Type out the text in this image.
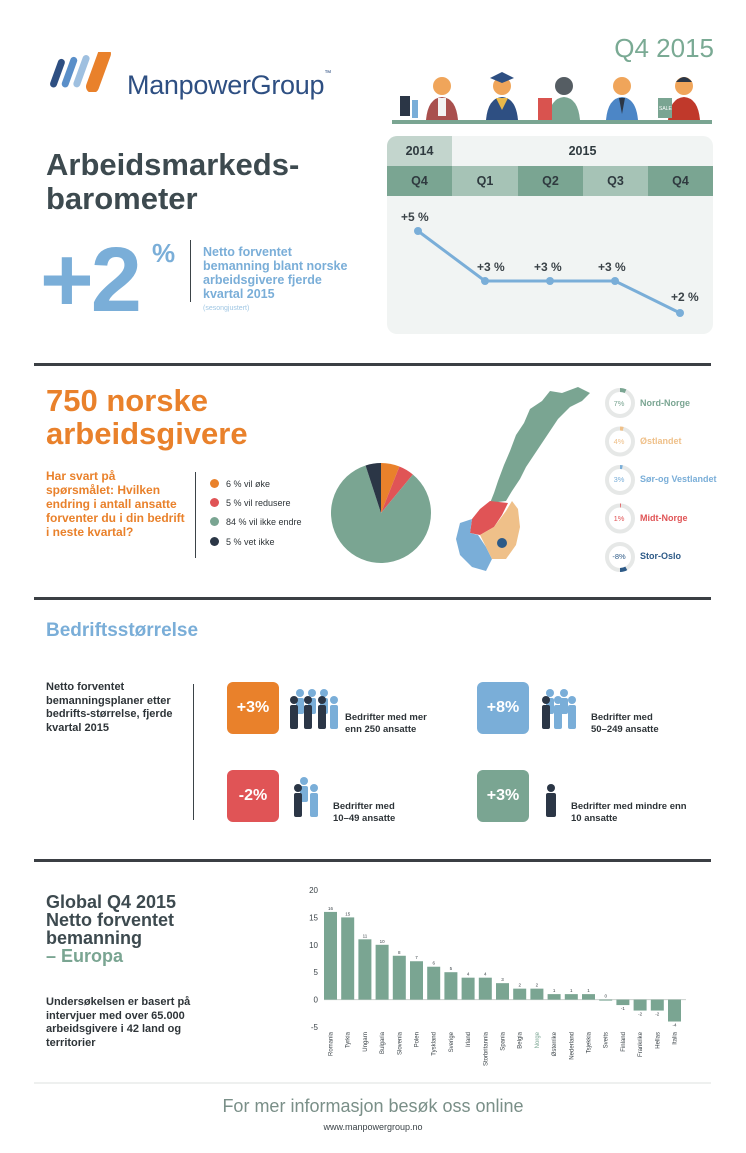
ManpowerGroup™
Q4 2015
SALE
Arbeidsmarkeds-
barometer
+2 % Netto forventet bemanning blant norske arbeidsgivere fjerde kvartal 2015
(sesongjustert)
2014	2015
Q4	Q1	Q2	Q3	Q4
+5 %
+3 % +3 %	+3 %
+2 %
750 norske
arbeidsgivere
Har svart på spørsmålet: Hvilken endring i antall ansatte forventer du i din bedrift i neste kvartal?
6 % vil øke
5 % vil redusere
84 % vil ikke endre
5 % vet ikke
7%
4%
3%
1%
-8%
Nord-Norge
Østlandet
Sør-og Vestlandet
Midt-Norge
Stor-Oslo
Bedriftsstørrelse
Netto forventet bemanningsplaner etter bedrifts-størrelse, fjerde kvartal 2015
+3%
Bedrifter med mer enn 250 ansatte
+8%
Bedrifter med 50–249 ansatte
-2%
Bedrifter med 10–49 ansatte
+3%
Bedrifter med mindre enn 10 ansatte
Global Q4 2015
Netto forventet
bemanning
– Europa
Undersøkelsen er basert på intervjuer med over 65.000 arbeidsgivere i 42 land og territorier
-5
0
5
10
15
20
16
Romania
15
Tyrkia
11
Ungarn
10
Bulgaria
8
Slovenia
7
Polen
6
Tyskland
5
Sverige
4
Irland
4
Storbritannia
3
Spania
2
Belgia
2
Norge
1
Østerrike
1
Nederland
1
Tsjekkia
0
Sveits
-1
Finland
-2
Frankrike
-2
Hellas
-4
Italia
For mer informasjon besøk oss online
www.manpowergroup.no
